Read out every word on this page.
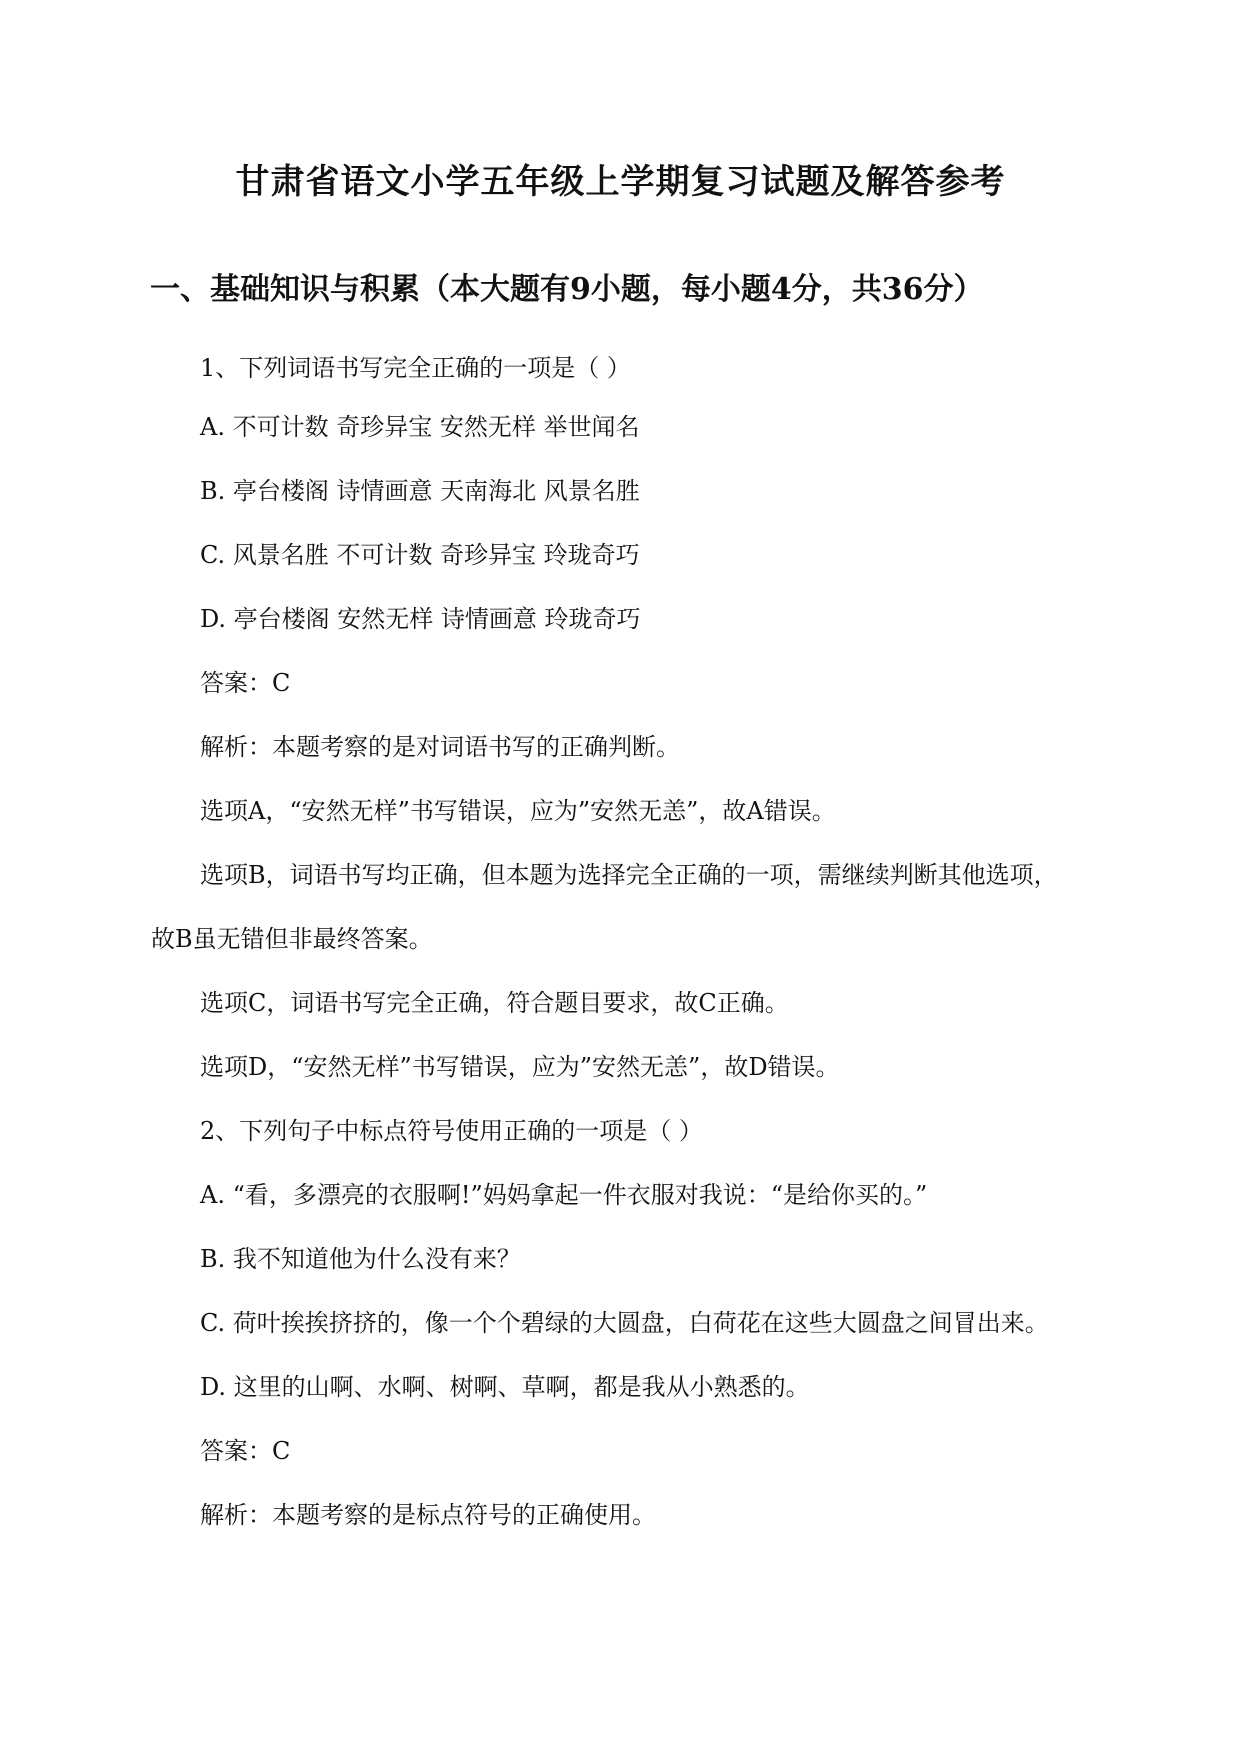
甘肃省语文小学五年级上学期复习试题及解答参考
一、基础知识与积累（本大题有9小题，每小题4分，共36分）
1、下列词语书写完全正确的一项是（ ）
A. 不可计数 奇珍异宝 安然无样 举世闻名
B. 亭台楼阁 诗情画意 天南海北 风景名胜
C. 风景名胜 不可计数 奇珍异宝 玲珑奇巧
D. 亭台楼阁 安然无样 诗情画意 玲珑奇巧
答案：C
解析：本题考察的是对词语书写的正确判断。
选项A，“安然无样”书写错误，应为”安然无恙”，故A错误。
选项B，词语书写均正确，但本题为选择完全正确的一项，需继续判断其他选项，
故B虽无错但非最终答案。
选项C，词语书写完全正确，符合题目要求，故C正确。
选项D，“安然无样”书写错误，应为”安然无恙”，故D错误。
2、下列句子中标点符号使用正确的一项是（ ）
A. “看，多漂亮的衣服啊!”妈妈拿起一件衣服对我说：“是给你买的。”
B. 我不知道他为什么没有来？
C. 荷叶挨挨挤挤的，像一个个碧绿的大圆盘，白荷花在这些大圆盘之间冒出来。
D. 这里的山啊、水啊、树啊、草啊，都是我从小熟悉的。
答案：C
解析：本题考察的是标点符号的正确使用。
